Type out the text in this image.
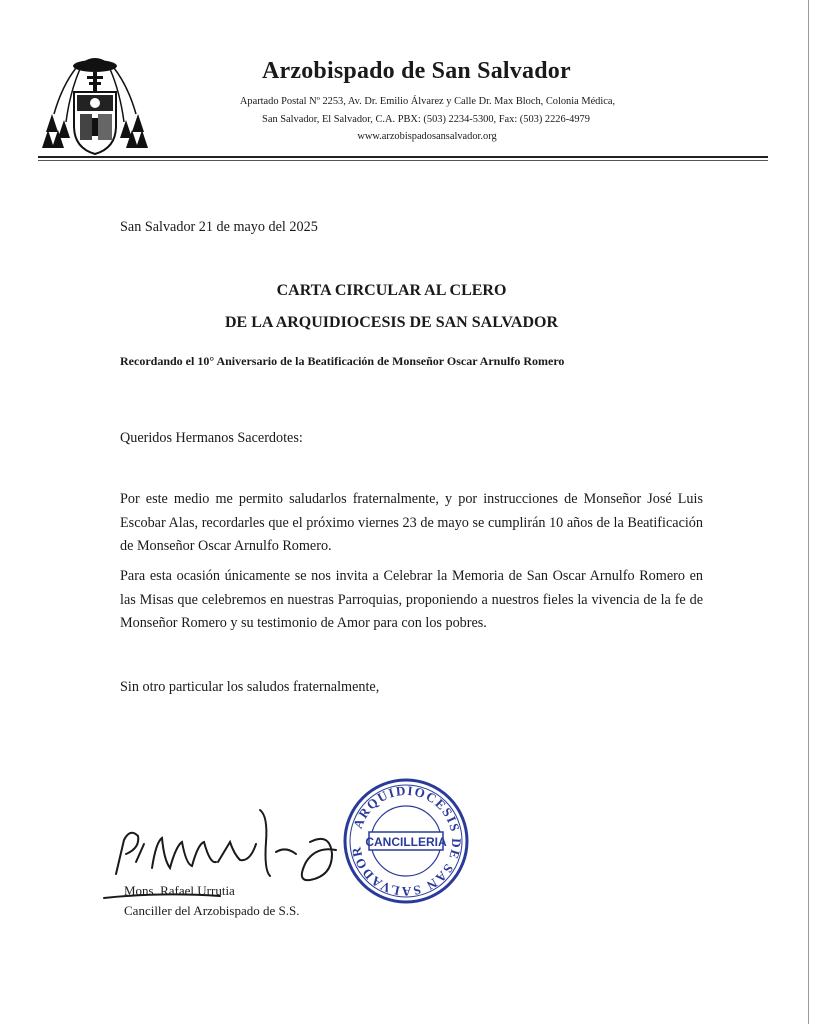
Arzobispado de San Salvador
Apartado Postal Nº 2253, Av. Dr. Emilio Álvarez y Calle Dr. Max Bloch, Colonia Médica,
San Salvador, El Salvador, C.A. PBX: (503) 2234-5300, Fax: (503) 2226-4979
www.arzobispadosansalvador.org
San Salvador 21 de mayo del 2025
CARTA CIRCULAR AL CLERO
DE LA ARQUIDIOCESIS DE SAN SALVADOR
Recordando el 10° Aniversario de la Beatificación de Monseñor Oscar Arnulfo Romero
Queridos Hermanos Sacerdotes:
Por este medio me permito saludarlos fraternalmente, y por instrucciones de Monseñor José Luis Escobar Alas, recordarles que el próximo viernes 23 de mayo se cumplirán 10 años de la Beatificación de Monseñor Oscar Arnulfo Romero.
Para esta ocasión únicamente se nos invita a Celebrar la Memoria de San Oscar Arnulfo Romero en las Misas que celebremos en nuestras Parroquias, proponiendo a nuestros fieles la vivencia de la fe de Monseñor Romero y su testimonio de Amor para con los pobres.
Sin otro particular los saludos fraternalmente,
Mons. Rafael Urrutia
Canciller del Arzobispado de S.S.
ARQUIDIOCESIS DE SAN SALVADOR
CANCILLERIA
